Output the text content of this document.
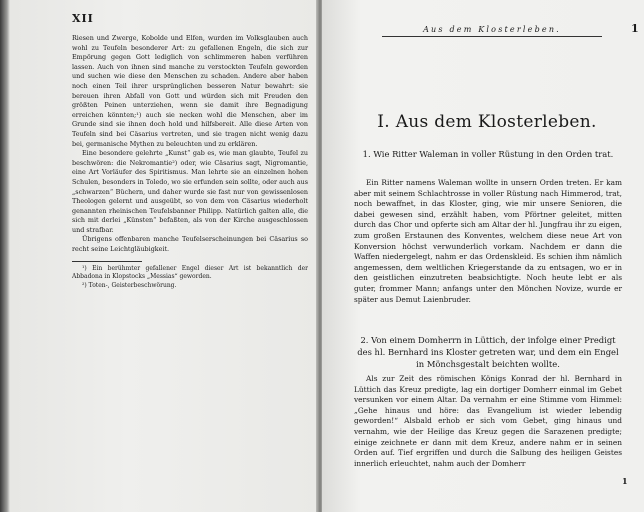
XII

Riesen und Zwerge, Kobolde und Elfen, wurden im Volksglauben auch wohl zu Teufeln besonderer Art: zu gefallenen Engeln, die sich zur Empörung gegen Gott lediglich von schlimmeren haben verführen lassen. Auch von ihnen sind manche zu verstockten Teufeln geworden und suchen wie diese den Menschen zu schaden. Andere aber haben noch einen Teil ihrer ursprünglichen besseren Natur bewahrt: sie bereuen ihren Abfall von Gott und würden sich mit Freuden den größten Peinen unterziehen, wenn sie damit ihre Begnadigung erreichen könnten;¹) auch sie necken wohl die Menschen, aber im Grunde sind sie ihnen doch hold und hilfsbereit. Alle diese Arten von Teufeln sind bei Cäsarius vertreten, und sie tragen nicht wenig dazu bei, germanische Mythen zu beleuchten und zu erklären.

Eine besondere gelehrte „Kunst“ gab es, wie man glaubte, Teufel zu beschwören: die Nekromantie²) oder, wie Cäsarius sagt, Nigromantie, eine Art Vorläufer des Spiritismus. Man lehrte sie an einzelnen hohen Schulen, besonders in Toledo, wo sie erfunden sein sollte, oder auch aus „schwarzen“ Büchern, und daher wurde sie fast nur von gewissenlosen Theologen gelernt und ausgeübt, so von dem von Cäsarius wiederholt genannten rheinischen Teufelsbanner Philipp. Natürlich galten alle, die sich mit derlei „Künsten“ befaßten, als von der Kirche ausgeschlossen und strafbar.

Übrigens offenbaren manche Teufelserscheinungen bei Cäsarius so recht seine Leichtgläubigkeit.

¹) Ein berühmter gefallener Engel dieser Art ist bekanntlich der Abbadona in Klopstocks „Messias“ geworden.

²) Toten-, Geisterbeschwörung.

Aus dem Klosterleben.	1
I. Aus dem Klosterleben.
1. Wie Ritter Waleman in voller Rüstung in den Orden trat.

Ein Ritter namens Waleman wollte in unsern Orden treten. Er kam aber mit seinem Schlachtrosse in voller Rüstung nach Himmerod, trat, noch bewaffnet, in das Kloster, ging, wie mir unsere Senioren, die dabei gewesen sind, erzählt haben, vom Pförtner geleitet, mitten durch das Chor und opferte sich am Altar der hl. Jungfrau ihr zu eigen, zum großen Erstaunen des Konventes, welchem diese neue Art von Konversion höchst verwunderlich vorkam. Nachdem er dann die Waffen niedergelegt, nahm er das Ordenskleid. Es schien ihm nämlich angemessen, dem weltlichen Kriegerstande da zu entsagen, wo er in den geistlichen einzutreten beabsichtigte. Noch heute lebt er als guter, frommer Mann; anfangs unter den Mönchen Novize, wurde er später aus Demut Laienbruder.

2. Von einem Domherrn in Lüttich, der infolge einer Predigt des hl. Bernhard ins Kloster getreten war, und dem ein Engel in Mönchsgestalt beichten wollte.

Als zur Zeit des römischen Königs Konrad der hl. Bernhard in Lüttich das Kreuz predigte, lag ein dortiger Domherr einmal im Gebet versunken vor einem Altar. Da vernahm er eine Stimme vom Himmel: „Gehe hinaus und höre: das Evangelium ist wieder lebendig geworden!“ Alsbald erhob er sich vom Gebet, ging hinaus und vernahm, wie der Heilige das Kreuz gegen die Sarazenen predigte; einige zeichnete er dann mit dem Kreuz, andere nahm er in seinen Orden auf. Tief ergriffen und durch die Salbung des heiligen Geistes innerlich erleuchtet, nahm auch der Domherr

1
